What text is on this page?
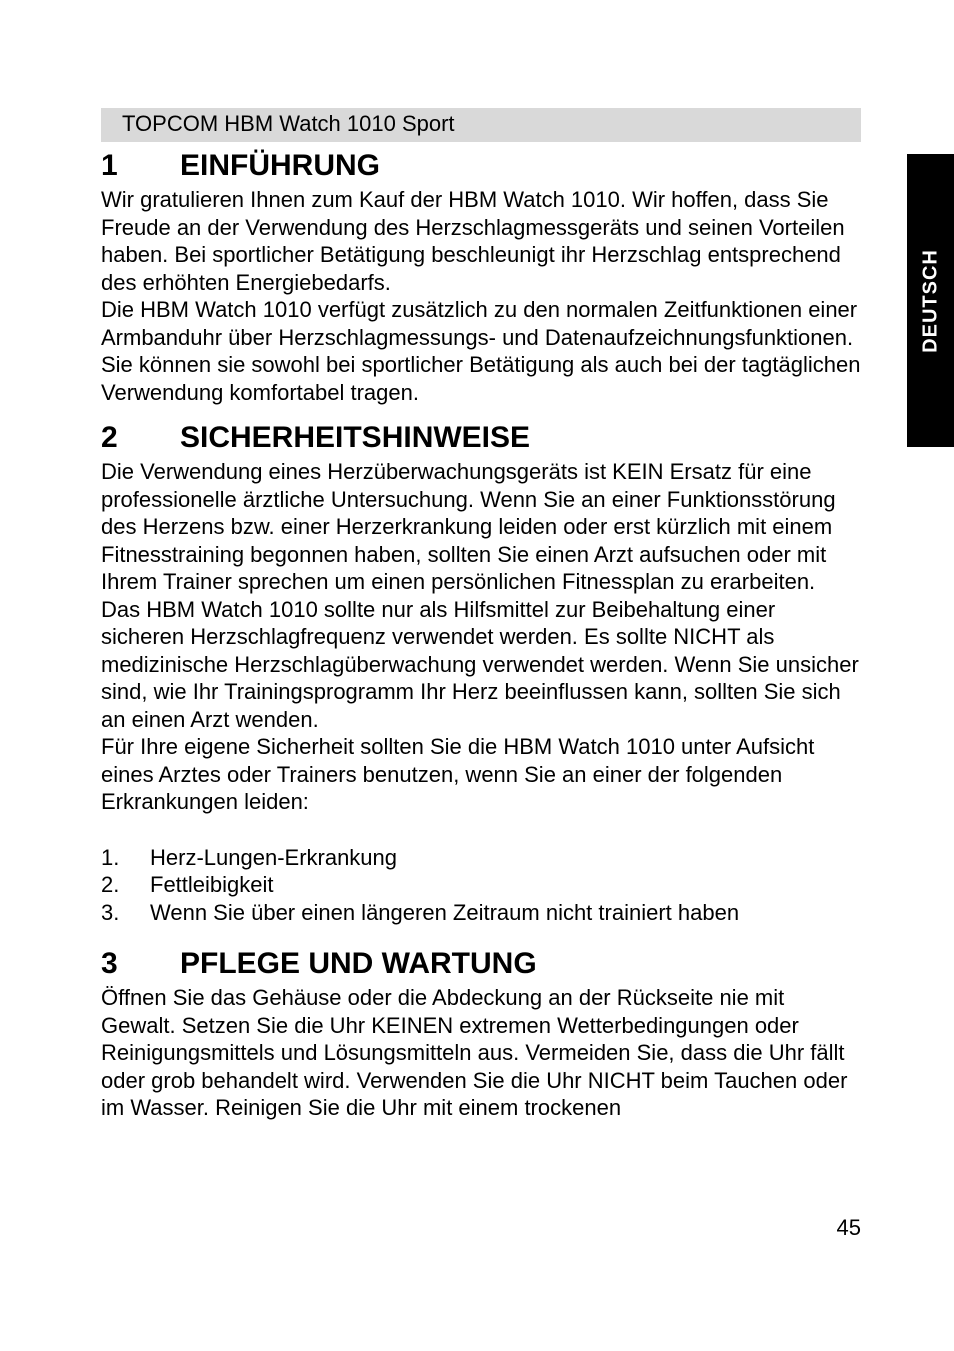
TOPCOM HBM Watch 1010 Sport
DEUTSCH
1	EINFÜHRUNG

Wir gratulieren Ihnen zum Kauf der HBM Watch 1010. Wir hoffen, dass Sie Freude an der Verwendung des Herzschlagmessgeräts und seinen Vorteilen haben. Bei sportlicher Betätigung beschleunigt ihr Herzschlag entsprechend des erhöhten Energiebedarfs.

Die HBM Watch 1010 verfügt zusätzlich zu den normalen Zeitfunktionen einer Armbanduhr über Herzschlagmessungs- und Datenaufzeichnungsfunktionen. Sie können sie sowohl bei sportlicher Betätigung als auch bei der tagtäglichen Verwendung komfortabel tragen.

2	SICHERHEITSHINWEISE

Die Verwendung eines Herzüberwachungsgeräts ist KEIN Ersatz für eine professionelle ärztliche Untersuchung. Wenn Sie an einer Funktionsstörung des Herzens bzw. einer Herzerkrankung leiden oder erst kürzlich mit einem Fitnesstraining begonnen haben, sollten Sie einen Arzt aufsuchen oder mit Ihrem Trainer sprechen um einen persönlichen Fitnessplan zu erarbeiten.

Das HBM Watch 1010 sollte nur als Hilfsmittel zur Beibehaltung einer sicheren Herzschlagfrequenz verwendet werden. Es sollte NICHT als medizinische Herzschlagüberwachung verwendet werden. Wenn Sie unsicher sind, wie Ihr Trainingsprogramm Ihr Herz beeinflussen kann, sollten Sie sich an einen Arzt wenden.

Für Ihre eigene Sicherheit sollten Sie die HBM Watch 1010 unter Aufsicht eines Arztes oder Trainers benutzen, wenn Sie an einer der folgenden Erkrankungen leiden:

1.	Herz-Lungen-Erkrankung
2.	Fettleibigkeit
3.	Wenn Sie über einen längeren Zeitraum nicht trainiert haben
3	PFLEGE UND WARTUNG

Öffnen Sie das Gehäuse oder die Abdeckung an der Rückseite nie mit Gewalt. Setzen Sie die Uhr KEINEN extremen Wetterbedingungen oder Reinigungsmittels und Lösungsmitteln aus. Vermeiden Sie, dass die Uhr fällt oder grob behandelt wird. Verwenden Sie die Uhr NICHT beim Tauchen oder im Wasser. Reinigen Sie die Uhr mit einem trockenen

45
